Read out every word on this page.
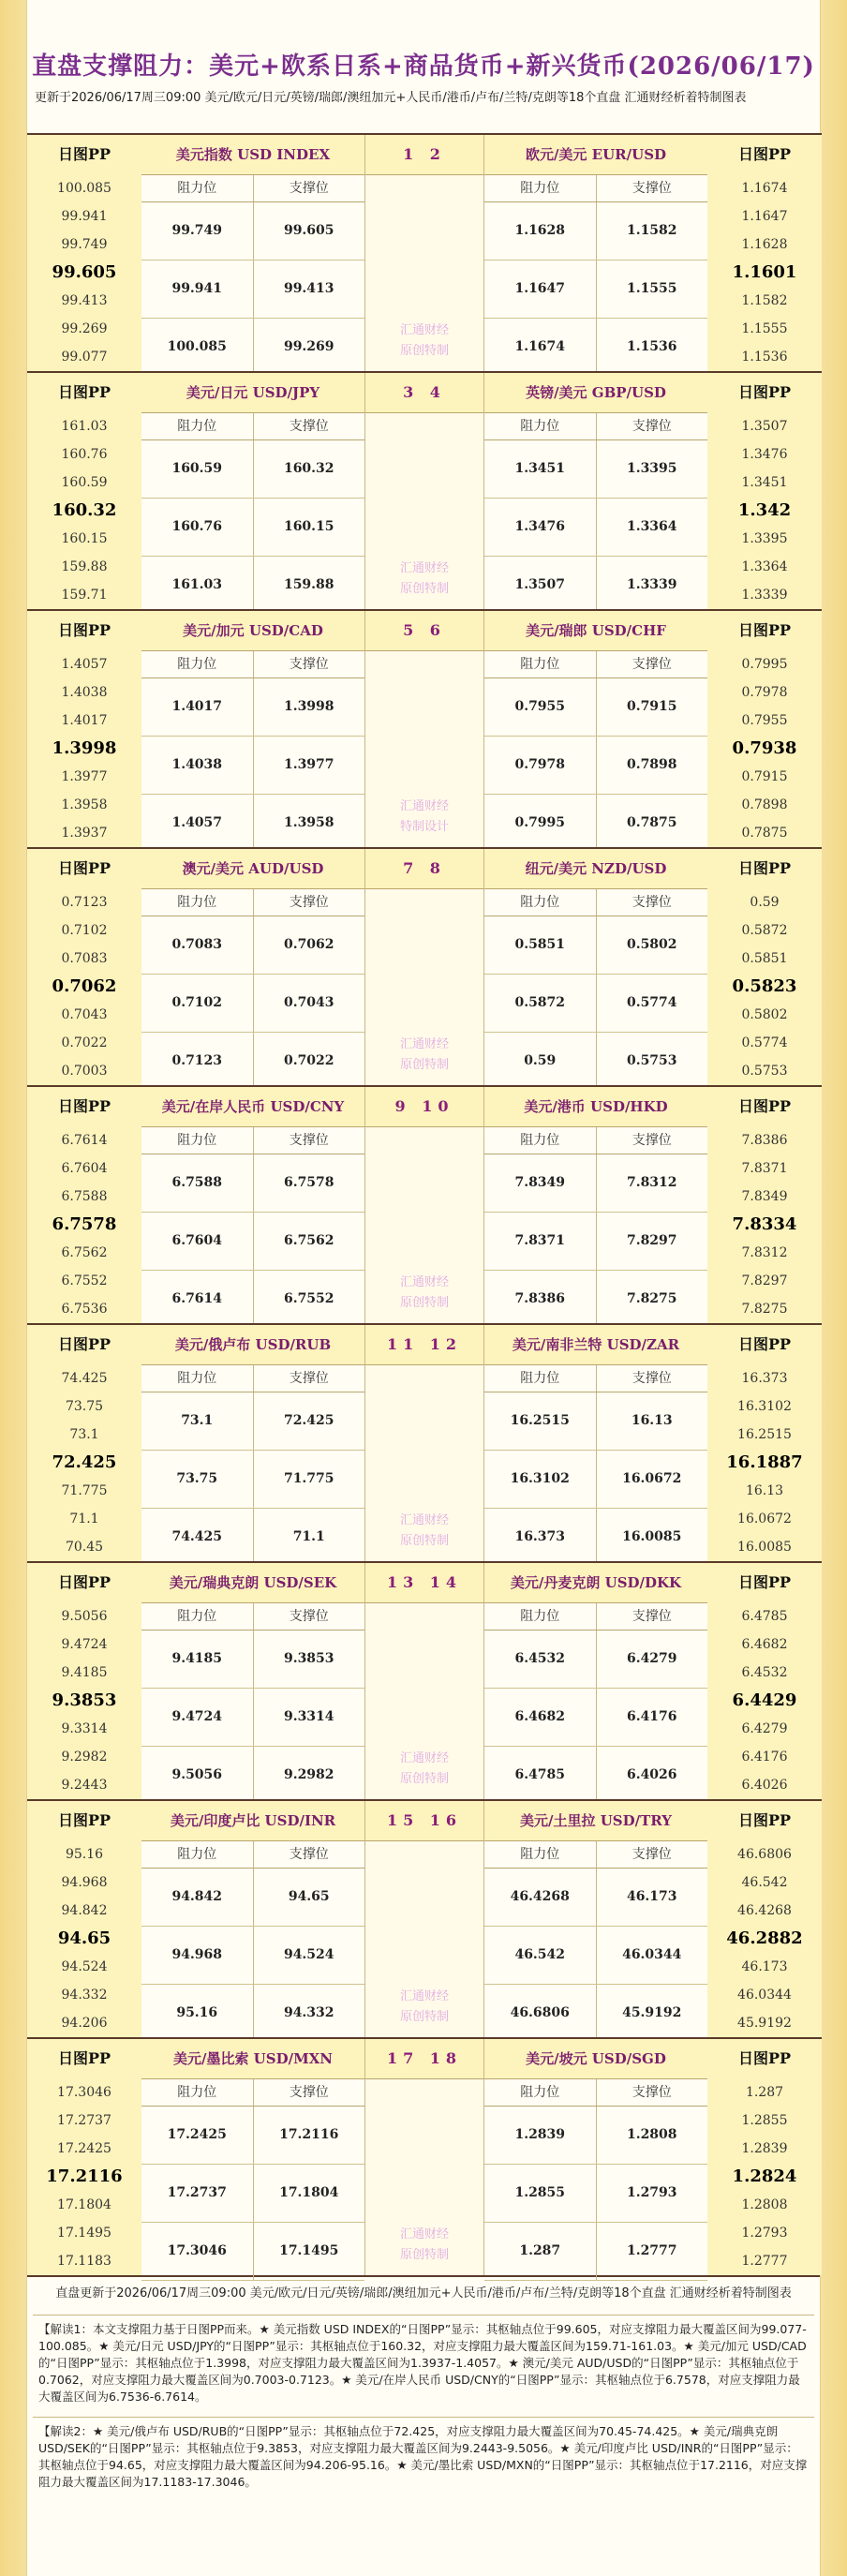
直盘支撑阻力：美元+欧系日系+商品货币+新兴货币(2026/06/17)
更新于2026/06/17周三09:00 美元/欧元/日元/英镑/瑞郎/澳纽加元+人民币/港币/卢布/兰特/克朗等18个直盘 汇通财经析着特制图表
日图PP
100.085
99.941
99.749
99.605
99.413
99.269
99.077
美元指数 USD INDEX
阻力位	支撑位
99.749	99.605
99.941	99.413
100.085	99.269
1 2
汇通财经
原创特制
欧元/美元 EUR/USD
阻力位	支撑位
1.1628	1.1582
1.1647	1.1555
1.1674	1.1536
日图PP
1.1674
1.1647
1.1628
1.1601
1.1582
1.1555
1.1536
日图PP
161.03
160.76
160.59
160.32
160.15
159.88
159.71
美元/日元 USD/JPY
阻力位	支撑位
160.59	160.32
160.76	160.15
161.03	159.88
3 4
汇通财经
原创特制
英镑/美元 GBP/USD
阻力位	支撑位
1.3451	1.3395
1.3476	1.3364
1.3507	1.3339
日图PP
1.3507
1.3476
1.3451
1.342
1.3395
1.3364
1.3339
日图PP
1.4057
1.4038
1.4017
1.3998
1.3977
1.3958
1.3937
美元/加元 USD/CAD
阻力位	支撑位
1.4017	1.3998
1.4038	1.3977
1.4057	1.3958
5 6
汇通财经
特制设计
美元/瑞郎 USD/CHF
阻力位	支撑位
0.7955	0.7915
0.7978	0.7898
0.7995	0.7875
日图PP
0.7995
0.7978
0.7955
0.7938
0.7915
0.7898
0.7875
日图PP
0.7123
0.7102
0.7083
0.7062
0.7043
0.7022
0.7003
澳元/美元 AUD/USD
阻力位	支撑位
0.7083	0.7062
0.7102	0.7043
0.7123	0.7022
7 8
汇通财经
原创特制
纽元/美元 NZD/USD
阻力位	支撑位
0.5851	0.5802
0.5872	0.5774
0.59	0.5753
日图PP
0.59
0.5872
0.5851
0.5823
0.5802
0.5774
0.5753
日图PP
6.7614
6.7604
6.7588
6.7578
6.7562
6.7552
6.7536
美元/在岸人民币 USD/CNY
阻力位	支撑位
6.7588	6.7578
6.7604	6.7562
6.7614	6.7552
9 10
汇通财经
原创特制
美元/港币 USD/HKD
阻力位	支撑位
7.8349	7.8312
7.8371	7.8297
7.8386	7.8275
日图PP
7.8386
7.8371
7.8349
7.8334
7.8312
7.8297
7.8275
日图PP
74.425
73.75
73.1
72.425
71.775
71.1
70.45
美元/俄卢布 USD/RUB
阻力位	支撑位
73.1	72.425
73.75	71.775
74.425	71.1
11 12
汇通财经
原创特制
美元/南非兰特 USD/ZAR
阻力位	支撑位
16.2515	16.13
16.3102	16.0672
16.373	16.0085
日图PP
16.373
16.3102
16.2515
16.1887
16.13
16.0672
16.0085
日图PP
9.5056
9.4724
9.4185
9.3853
9.3314
9.2982
9.2443
美元/瑞典克朗 USD/SEK
阻力位	支撑位
9.4185	9.3853
9.4724	9.3314
9.5056	9.2982
13 14
汇通财经
原创特制
美元/丹麦克朗 USD/DKK
阻力位	支撑位
6.4532	6.4279
6.4682	6.4176
6.4785	6.4026
日图PP
6.4785
6.4682
6.4532
6.4429
6.4279
6.4176
6.4026
日图PP
95.16
94.968
94.842
94.65
94.524
94.332
94.206
美元/印度卢比 USD/INR
阻力位	支撑位
94.842	94.65
94.968	94.524
95.16	94.332
15 16
汇通财经
原创特制
美元/土里拉 USD/TRY
阻力位	支撑位
46.4268	46.173
46.542	46.0344
46.6806	45.9192
日图PP
46.6806
46.542
46.4268
46.2882
46.173
46.0344
45.9192
日图PP
17.3046
17.2737
17.2425
17.2116
17.1804
17.1495
17.1183
美元/墨比索 USD/MXN
阻力位	支撑位
17.2425	17.2116
17.2737	17.1804
17.3046	17.1495
17 18
汇通财经
原创特制
美元/坡元 USD/SGD
阻力位	支撑位
1.2839	1.2808
1.2855	1.2793
1.287	1.2777
日图PP
1.287
1.2855
1.2839
1.2824
1.2808
1.2793
1.2777
直盘更新于2026/06/17周三09:00 美元/欧元/日元/英镑/瑞郎/澳纽加元+人民币/港币/卢布/兰特/克朗等18个直盘 汇通财经析着特制图表
【解读1：本文支撑阻力基于日图PP而来。★ 美元指数 USD INDEX的“日图PP”显示：其枢轴点位于99.605，对应支撑阻力最大覆盖区间为99.077-100.085。★ 美元/日元 USD/JPY的“日图PP”显示：其枢轴点位于160.32，对应支撑阻力最大覆盖区间为159.71-161.03。★ 美元/加元 USD/CAD的“日图PP”显示：其枢轴点位于1.3998，对应支撑阻力最大覆盖区间为1.3937-1.4057。★ 澳元/美元 AUD/USD的“日图PP”显示：其枢轴点位于0.7062，对应支撑阻力最大覆盖区间为0.7003-0.7123。★ 美元/在岸人民币 USD/CNY的“日图PP”显示：其枢轴点位于6.7578，对应支撑阻力最大覆盖区间为6.7536-6.7614。
【解读2：★ 美元/俄卢布 USD/RUB的“日图PP”显示：其枢轴点位于72.425，对应支撑阻力最大覆盖区间为70.45-74.425。★ 美元/瑞典克朗 USD/SEK的“日图PP”显示：其枢轴点位于9.3853，对应支撑阻力最大覆盖区间为9.2443-9.5056。★ 美元/印度卢比 USD/INR的“日图PP”显示：其枢轴点位于94.65，对应支撑阻力最大覆盖区间为94.206-95.16。★ 美元/墨比索 USD/MXN的“日图PP”显示：其枢轴点位于17.2116，对应支撑阻力最大覆盖区间为17.1183-17.3046。
